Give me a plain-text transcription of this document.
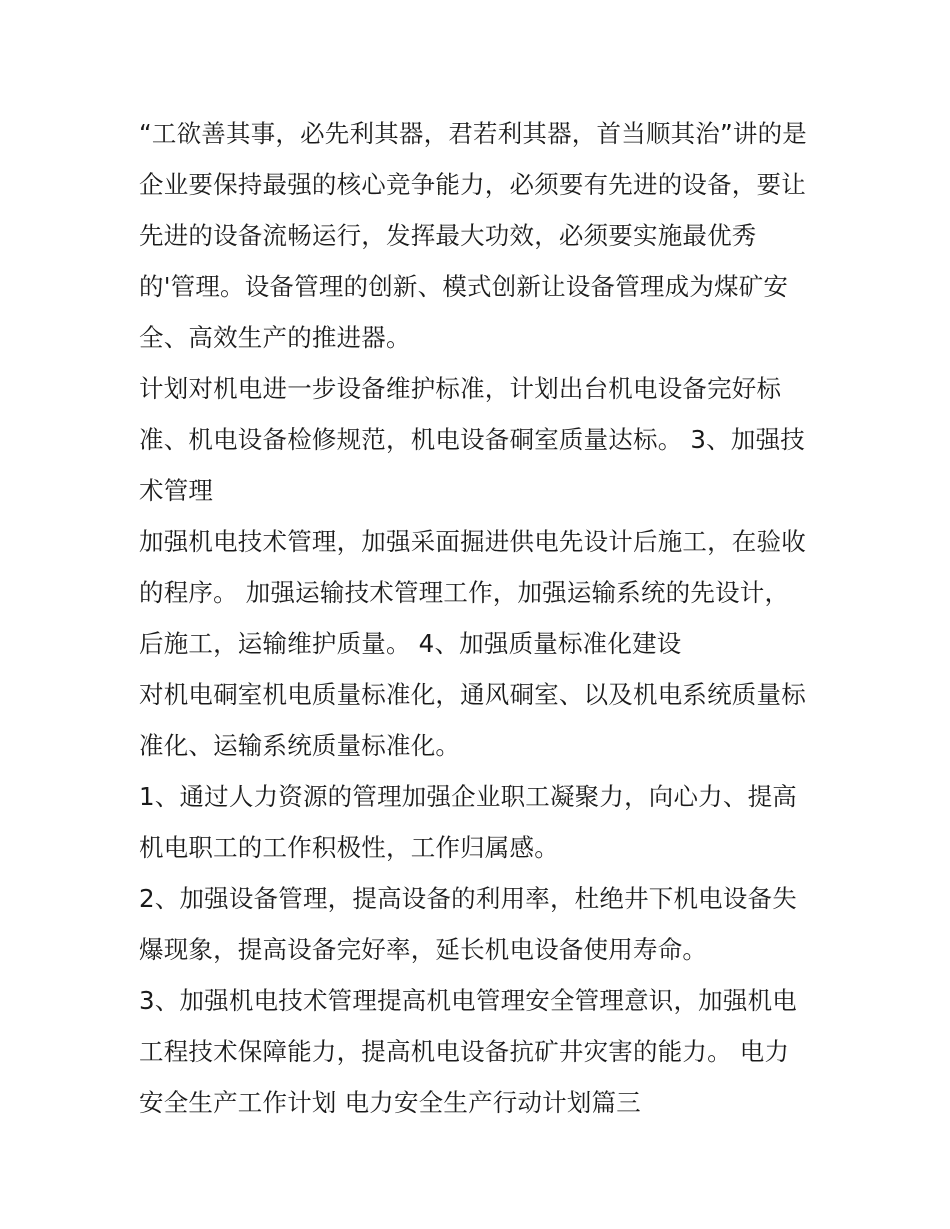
“工欲善其事，必先利其器，君若利其器，首当顺其治”讲的是
企业要保持最强的核心竞争能力，必须要有先进的设备，要让
先进的设备流畅运行，发挥最大功效，必须要实施最优秀
的'管理。设备管理的创新、模式创新让设备管理成为煤矿安
全、高效生产的推进器。
计划对机电进一步设备维护标准，计划出台机电设备完好标
准、机电设备检修规范，机电设备硐室质量达标。 3、加强技
术管理
加强机电技术管理，加强采面掘进供电先设计后施工，在验收
的程序。 加强运输技术管理工作，加强运输系统的先设计，
后施工，运输维护质量。 4、加强质量标准化建设
对机电硐室机电质量标准化，通风硐室、以及机电系统质量标
准化、运输系统质量标准化。
1、通过人力资源的管理加强企业职工凝聚力，向心力、提高
机电职工的工作积极性，工作归属感。
2、加强设备管理，提高设备的利用率，杜绝井下机电设备失
爆现象，提高设备完好率，延长机电设备使用寿命。
3、加强机电技术管理提高机电管理安全管理意识，加强机电
工程技术保障能力，提高机电设备抗矿井灾害的能力。 电力
安全生产工作计划 电力安全生产行动计划篇三
